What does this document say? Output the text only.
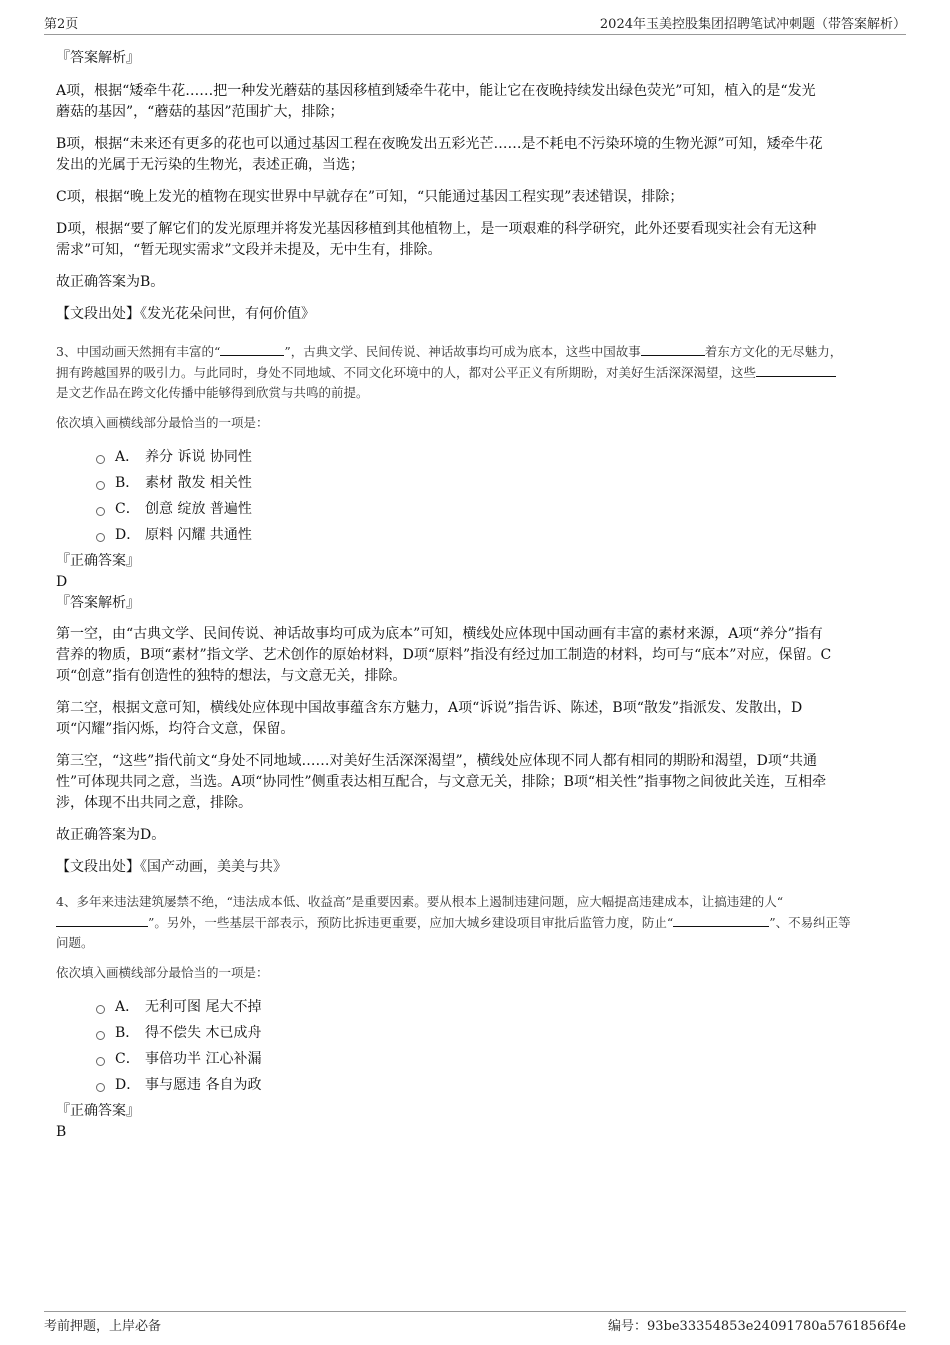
第2页	2024年玉美控股集团招聘笔试冲刺题（带答案解析）

『答案解析』

A项，根据“矮牵牛花……把一种发光蘑菇的基因移植到矮牵牛花中，能让它在夜晚持续发出绿色荧光”可知，植入的是“发光

蘑菇的基因”，“蘑菇的基因”范围扩大，排除；

B项，根据“未来还有更多的花也可以通过基因工程在夜晚发出五彩光芒……是不耗电不污染环境的生物光源”可知，矮牵牛花

发出的光属于无污染的生物光，表述正确，当选；

C项，根据“晚上发光的植物在现实世界中早就存在”可知，“只能通过基因工程实现”表述错误，排除；

D项，根据“要了解它们的发光原理并将发光基因移植到其他植物上，是一项艰难的科学研究，此外还要看现实社会有无这种

需求”可知，“暂无现实需求”文段并未提及，无中生有，排除。

故正确答案为B。

【文段出处】《发光花朵问世，有何价值》

3、中国动画天然拥有丰富的“	”，古典文学、民间传说、神话故事均可成为底本，这些中国故事	着东方文化的无尽魅力，

拥有跨越国界的吸引力。与此同时，身处不同地域、不同文化环境中的人，都对公平正义有所期盼，对美好生活深深渴望，这些

是文艺作品在跨文化传播中能够得到欣赏与共鸣的前提。

依次填入画横线部分最恰当的一项是：

A． 养分 诉说 协同性
B． 素材 散发 相关性
C． 创意 绽放 普遍性
D． 原料 闪耀 共通性

『正确答案』

D

『答案解析』

第一空，由“古典文学、民间传说、神话故事均可成为底本”可知，横线处应体现中国动画有丰富的素材来源，A项“养分”指有

营养的物质，B项“素材”指文学、艺术创作的原始材料，D项“原料”指没有经过加工制造的材料，均可与“底本”对应，保留。C

项“创意”指有创造性的独特的想法，与文意无关，排除。

第二空，根据文意可知，横线处应体现中国故事蕴含东方魅力，A项“诉说”指告诉、陈述，B项“散发”指派发、发散出，D

项“闪耀”指闪烁，均符合文意，保留。

第三空，“这些”指代前文“身处不同地域……对美好生活深深渴望”，横线处应体现不同人都有相同的期盼和渴望，D项“共通

性”可体现共同之意，当选。A项“协同性”侧重表达相互配合，与文意无关，排除；B项“相关性”指事物之间彼此关连，互相牵

涉，体现不出共同之意，排除。

故正确答案为D。

【文段出处】《国产动画，美美与共》

4、多年来违法建筑屡禁不绝，“违法成本低、收益高”是重要因素。要从根本上遏制违建问题，应大幅提高违建成本，让搞违建的人“

”。另外，一些基层干部表示，预防比拆违更重要，应加大城乡建设项目审批后监管力度，防止“	”、不易纠正等

问题。

依次填入画横线部分最恰当的一项是：

A． 无利可图 尾大不掉
B． 得不偿失 木已成舟
C． 事倍功半 江心补漏
D． 事与愿违 各自为政

『正确答案』

B

考前押题，上岸必备	编号：93be33354853e24091780a5761856f4e
